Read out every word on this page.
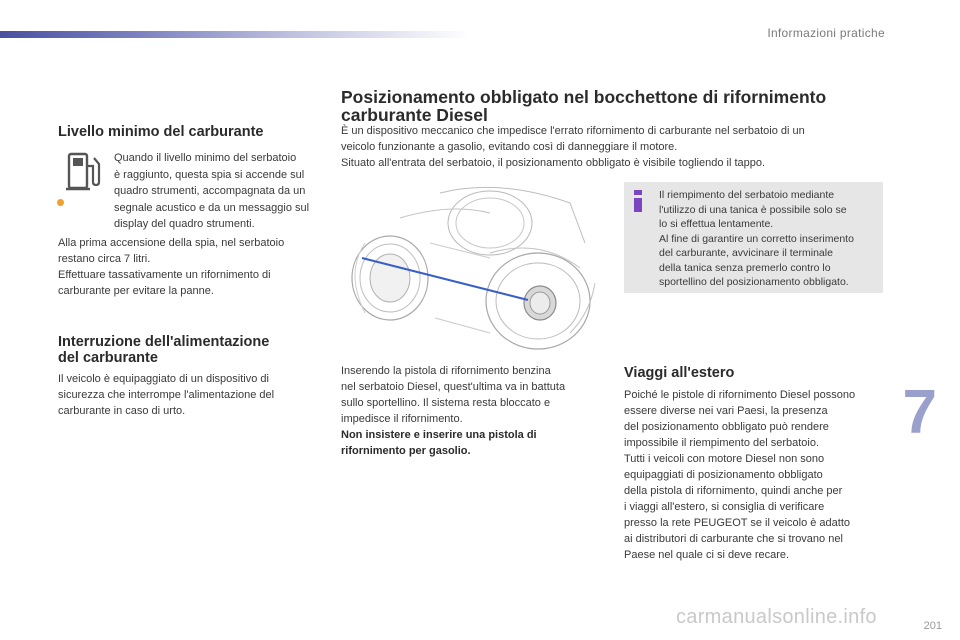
Informazioni pratiche
Livello minimo del carburante

Quando il livello minimo del serbatoio

è raggiunto, questa spia si accende sul

quadro strumenti, accompagnata da un

segnale acustico e da un messaggio sul

display del quadro strumenti.

Alla prima accensione della spia, nel serbatoio

restano circa 7 litri.

Effettuare tassativamente un rifornimento di

carburante per evitare la panne.

Interruzione dell'alimentazione
del carburante

Il veicolo è equipaggiato di un dispositivo di

sicurezza che interrompe l'alimentazione del

carburante in caso di urto.

Posizionamento obbligato nel bocchettone di rifornimento
carburante Diesel

È un dispositivo meccanico che impedisce l'errato rifornimento di carburante nel serbatoio di un

veicolo funzionante a gasolio, evitando così di danneggiare il motore.

Situato all'entrata del serbatoio, il posizionamento obbligato è visibile togliendo il tappo.

Il riempimento del serbatoio mediante

l'utilizzo di una tanica è possibile solo se

lo si effettua lentamente.

Al fine di garantire un corretto inserimento

del carburante, avvicinare il terminale

della tanica senza premerlo contro lo

sportellino del posizionamento obbligato.

Inserendo la pistola di rifornimento benzina

nel serbatoio Diesel, quest'ultima va in battuta

sullo sportellino. Il sistema resta bloccato e

impedisce il rifornimento.

Non insistere e inserire una pistola di

rifornimento per gasolio.

Viaggi all'estero

Poiché le pistole di rifornimento Diesel possono

essere diverse nei vari Paesi, la presenza

del posizionamento obbligato può rendere

impossibile il riempimento del serbatoio.

Tutti i veicoli con motore Diesel non sono

equipaggiati di posizionamento obbligato

della pistola di rifornimento, quindi anche per

i viaggi all'estero, si consiglia di verificare

presso la rete PEUGEOT se il veicolo è adatto

ai distributori di carburante che si trovano nel

Paese nel quale ci si deve recare.

7
201
carmanualsonline.info
